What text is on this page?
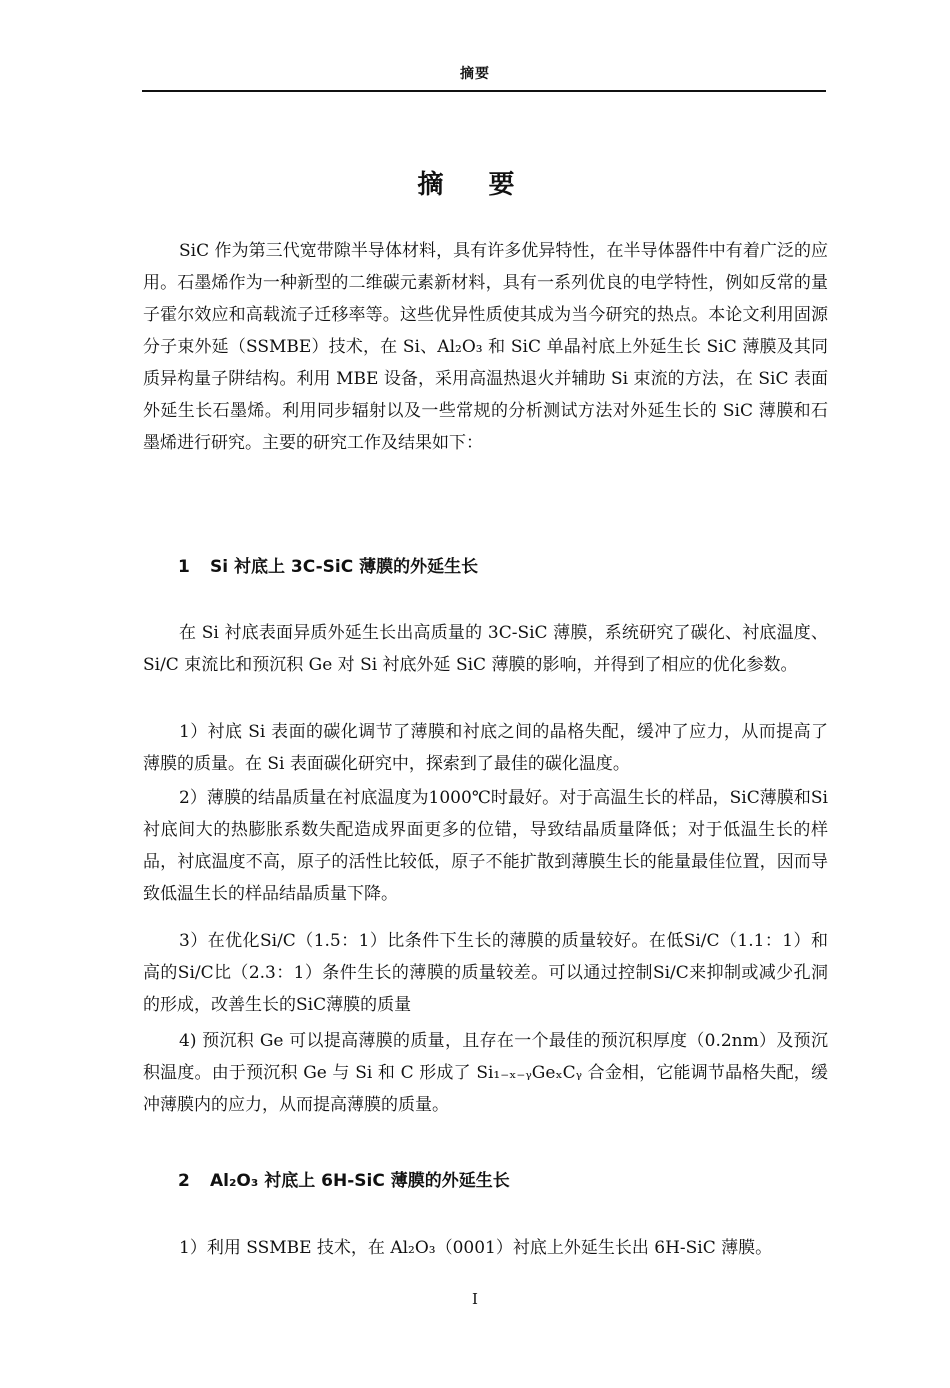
摘要
摘 要

SiC 作为第三代宽带隙半导体材料，具有许多优异特性，在半导体器件中有着广泛的应用。石墨烯作为一种新型的二维碳元素新材料，具有一系列优良的电学特性，例如反常的量子霍尔效应和高载流子迁移率等。这些优异性质使其成为当今研究的热点。本论文利用固源分子束外延（SSMBE）技术，在 Si、Al₂O₃ 和 SiC 单晶衬底上外延生长 SiC 薄膜及其同质异构量子阱结构。利用 MBE 设备，采用高温热退火并辅助 Si 束流的方法，在 SiC 表面外延生长石墨烯。利用同步辐射以及一些常规的分析测试方法对外延生长的 SiC 薄膜和石墨烯进行研究。主要的研究工作及结果如下：

1 Si 衬底上 3C-SiC 薄膜的外延生长

在 Si 衬底表面异质外延生长出高质量的 3C-SiC 薄膜，系统研究了碳化、衬底温度、Si/C 束流比和预沉积 Ge 对 Si 衬底外延 SiC 薄膜的影响，并得到了相应的优化参数。

1）衬底 Si 表面的碳化调节了薄膜和衬底之间的晶格失配，缓冲了应力，从而提高了薄膜的质量。在 Si 表面碳化研究中，探索到了最佳的碳化温度。

2）薄膜的结晶质量在衬底温度为1000℃时最好。对于高温生长的样品，SiC薄膜和Si衬底间大的热膨胀系数失配造成界面更多的位错，导致结晶质量降低；对于低温生长的样品，衬底温度不高，原子的活性比较低，原子不能扩散到薄膜生长的能量最佳位置，因而导致低温生长的样品结晶质量下降。

3）在优化Si/C（1.5：1）比条件下生长的薄膜的质量较好。在低Si/C（1.1：1）和高的Si/C比（2.3：1）条件生长的薄膜的质量较差。可以通过控制Si/C来抑制或减少孔洞的形成，改善生长的SiC薄膜的质量

4) 预沉积 Ge 可以提高薄膜的质量，且存在一个最佳的预沉积厚度（0.2nm）及预沉积温度。由于预沉积 Ge 与 Si 和 C 形成了 Si₁₋ₓ₋ᵧGeₓCᵧ 合金相，它能调节晶格失配，缓冲薄膜内的应力，从而提高薄膜的质量。

2 Al₂O₃ 衬底上 6H-SiC 薄膜的外延生长

1）利用 SSMBE 技术，在 Al₂O₃（0001）衬底上外延生长出 6H-SiC 薄膜。

I
